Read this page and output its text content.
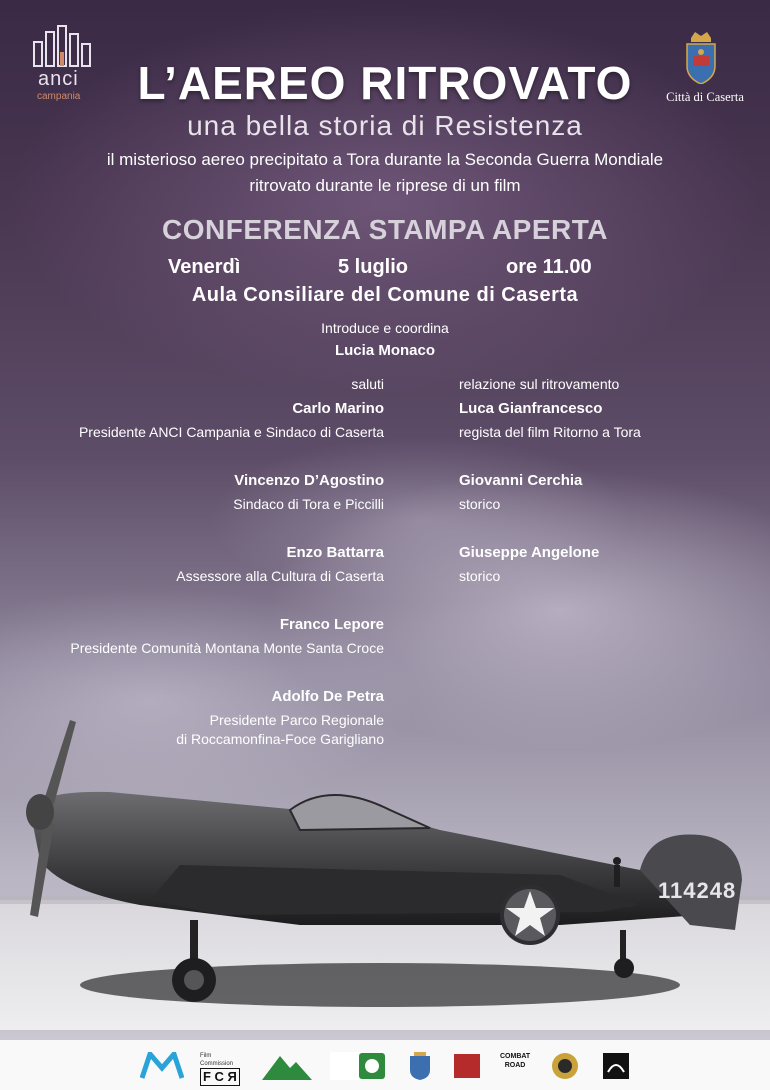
anci
campania	Città di Caserta
L’AEREO RITROVATO
una bella storia di Resistenza
il misterioso aereo precipitato a Tora durante la Seconda Guerra Mondiale
ritrovato durante le riprese di un film
CONFERENZA STAMPA APERTA
Venerdì	5 luglio	ore 11.00
Aula Consiliare del Comune di Caserta
Introduce e coordina
Lucia Monaco
saluti
Carlo Marino
Presidente ANCI Campania e Sindaco di Caserta
Vincenzo D’Agostino
Sindaco di Tora e Piccilli
Enzo Battarra
Assessore alla Cultura di Caserta
Franco Lepore
Presidente Comunità Montana Monte Santa Croce
Adolfo De Petra
Presidente Parco Regionale
di Roccamonfina-Foce Garigliano
relazione sul ritrovamento
Luca Gianfrancesco
regista del film Ritorno a Tora
Giovanni Cerchia
storico
Giuseppe Angelone
storico
114248
Film Commission
F C Я
COMBAT
ROAD
